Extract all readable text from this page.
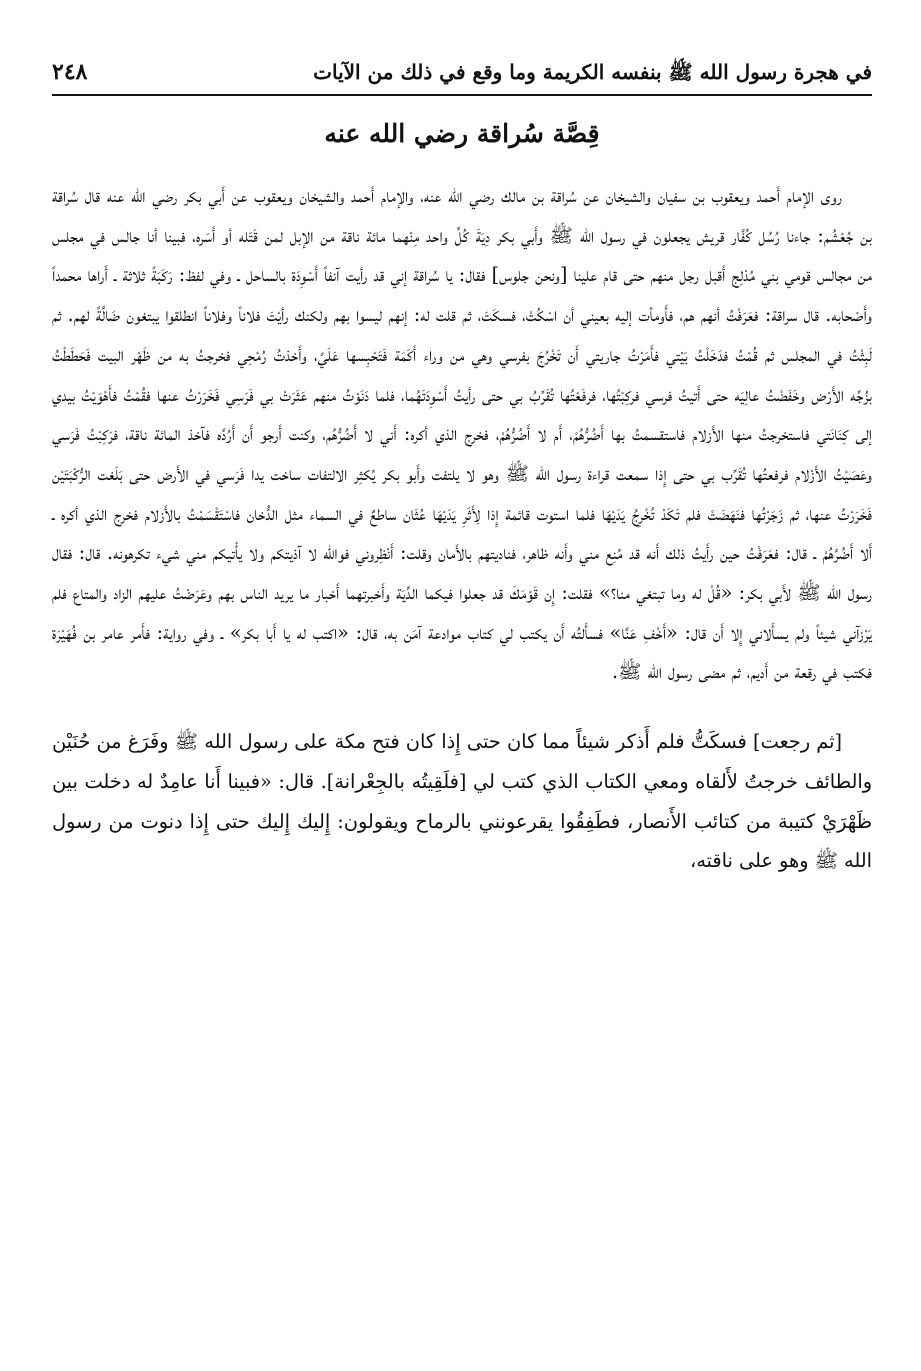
في هجرة رسول الله ﷺ بنفسه الكريمة وما وقع في ذلك من الآيات
٢٤٨
قِصَّة سُراقة رضي الله عنه

روى الإمام أَحمد ويعقوب بن سفيان والشيخان عن سُراقة بن مالك رضي الله عنه، والإمام أَحمد والشيخان ويعقوب عن أَبي بكر رضي الله عنه قال سُراقة بن جُعْشُم: جاءنا رُسُل كُفَّار قريش يجعلون في رسول الله ﷺ وأَبي بكر دِيَةَ كُلِّ واحد مِنْهما مائة ناقة من الإبل لمن قَتَله أو أَسَره، فبينا أنا جالس في مجلس من مجالس قومي بني مُدْلِج أَقبل رجل منهم حتى قام علينا [ونحن جلوس] فقال: يا سُراقة إني قد رأيت آنفاً أَسْوِدَة بالساحل ـ وفي لفظ: رَكَبَةً ثلاثة ـ أَراها محمداً وأَصْحابه. قال سراقة: فعَرَفْتُ أنهم هم، فأَومأت إليه بعيني أن اسْكُتْ، فسكَتَ، ثم قلت له: إنهم ليسوا بهم ولكنك رأيْتَ فلاناً وفلاناً انطلقوا يبتغون ضَالَّةً لهم. ثم لَبِثْتُ في المجلس ثم قُمْتُ فدَخَلْتُ بَيْتي فأَمَرْتُ جاريتي أَن تَخْرُجَ بفرسي وهي من وراء أَكَمَة فَتَحْبِسها عَلَيَّ، وأَخذتُ رُمْحِي فخرجتُ به من ظَهْر البيت فَحَطَطْتُ بزُجِّه الأَرْض وخَفَضْتُ عالِيَه حتى أَتيتُ فرسي فركِبْتُها، فرفَعْتُها تُقَرِّبُ بي حتى رأيتُ أَسْوِدَتَهُما، فلما دَنَوْتُ منهم عَثَرَتْ بي فَرَسِي فَخَرَرْتُ عنها فقُمْتُ فأَهْوَيْتُ بيدي إلى كِنَانَتي فاستخرجتُ منها الأَزلام فاستقسمتُ بها أَضُرُّهُمْ، أَم لا أَضُرُّهُمْ، فخرج الذي أكره: أَني لا أَضُرُّهُم، وكنت أَرجو أَن أَرُدَّه فآخذ المائة ناقة، فرَكِبْتُ فَرَسي وعَصَيْتُ الأَزْلام فرفعتُها تُقَرِّب بي حتى إِذا سمعت قراءة رسول الله ﷺ وهو لا يلتفت وأَبو بكر يُكثِر الالتفات ساخت يدا فَرَسي في الأَرض حتى بَلَغت الرُّكْبَتَيْن فَخَرَرْتُ عنها، ثم زَجَرْتُها فنَهَضَتْ فلم تَكَدْ تُخْرِجُ يَدَيْهَا فلما استوت قائمة إِذا لِأَثَرِ يَدَيْهَا عُثَان ساطعٌ في السماء مثل الدُّخان فاسْتَقْسَمْتُ بالأَزلام فخرج الذي أكره ـ أَلا أَضُرَّهُمْ ـ قال: فعَرَفْتُ حين رأَيتُ ذلك أَنه قد مُنِع مني وأَنه ظاهر، فناديتهم بالأَمان وقلت: أَنْظِروني فوالله لا آذيتكم ولا يأْتيكم مني شيء تكرهونه. قال: فقال رسول الله ﷺ لأَبي بكر: «قُلْ له وما تبتغي منا؟» فقلت: إِن قَوْمَكَ قد جعلوا فيكما الدِّيَة وأَخبرتهما أَخبار ما يريد الناس بهم وعَرَضْتُ عليهم الزاد والمتاع فلم يَرْزآني شيئاً ولم يسأَلاني إِلا أَن قال: «أَخْفِ عَنَّا» فسأَلتُه أَن يكتب لي كتاب موادعة آمَن به، قال: «اكتب له يا أَبا بكر» ـ وفي رواية: فأَمر عامر بن فُهَيْرَة فكتب في رقعة من أَديم، ثم مضى رسول الله ﷺ.

[ثم رجعت] فسكَتُّ فلم أَذكر شيئاً مما كان حتى إِذا كان فتح مكة على رسول الله ﷺ وفَرَغ من حُنَيْن والطائف خرجتُ لأَلقاه ومعي الكتاب الذي كتب لي [فلَقِيتُه بالجِعْرانة]. قال: «فبينا أَنا عامِدٌ له دخلت بين ظَهْرَيْ كتيبة من كتائب الأَنصار، فطَفِقُوا يقرعونني بالرماح ويقولون: إِليك إِليك حتى إِذا دنوت من رسول الله ﷺ وهو على ناقته،
